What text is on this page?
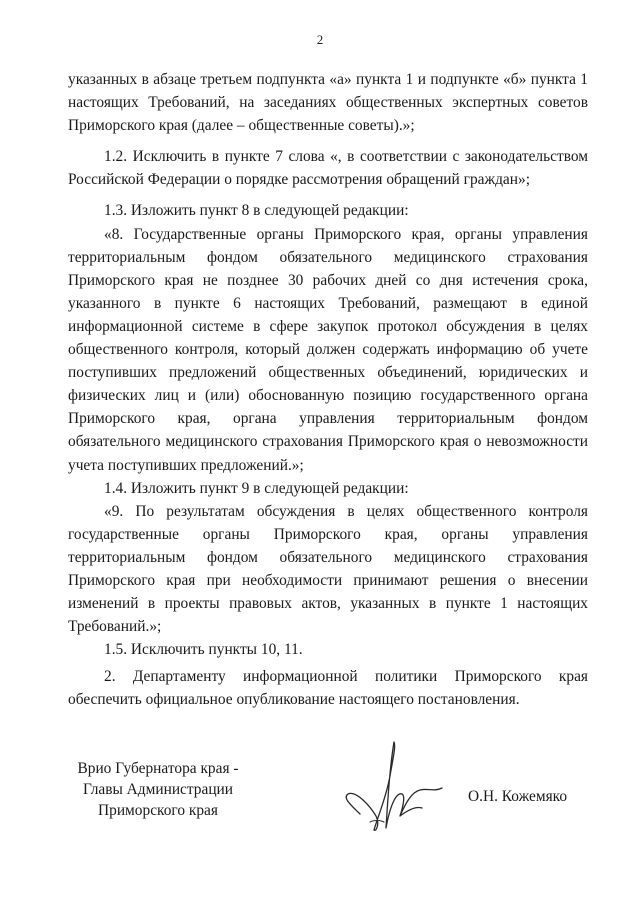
2

указанных в абзаце третьем подпункта «а» пункта 1 и подпункте «б» пункта 1 настоящих Требований, на заседаниях общественных экспертных советов Приморского края (далее – общественные советы).»;

1.2. Исключить в пункте 7 слова «, в соответствии с законодательством Российской Федерации о порядке рассмотрения обращений граждан»;

1.3. Изложить пункт 8 в следующей редакции:

«8. Государственные органы Приморского края, органы управления территориальным фондом обязательного медицинского страхования Приморского края не позднее 30 рабочих дней со дня истечения срока, указанного в пункте 6 настоящих Требований, размещают в единой информационной системе в сфере закупок протокол обсуждения в целях общественного контроля, который должен содержать информацию об учете поступивших предложений общественных объединений, юридических и физических лиц и (или) обоснованную позицию государственного органа Приморского края, органа управления территориальным фондом обязательного медицинского страхования Приморского края о невозможности учета поступивших предложений.»;

1.4. Изложить пункт 9 в следующей редакции:

«9. По результатам обсуждения в целях общественного контроля государственные органы Приморского края, органы управления территориальным фондом обязательного медицинского страхования Приморского края при необходимости принимают решения о внесении изменений в проекты правовых актов, указанных в пункте 1 настоящих Требований.»;

1.5. Исключить пункты 10, 11.

2. Департаменту информационной политики Приморского края обеспечить официальное опубликование настоящего постановления.

Врио Губернатора края -
Главы Администрации
Приморского края
О.Н. Кожемяко
